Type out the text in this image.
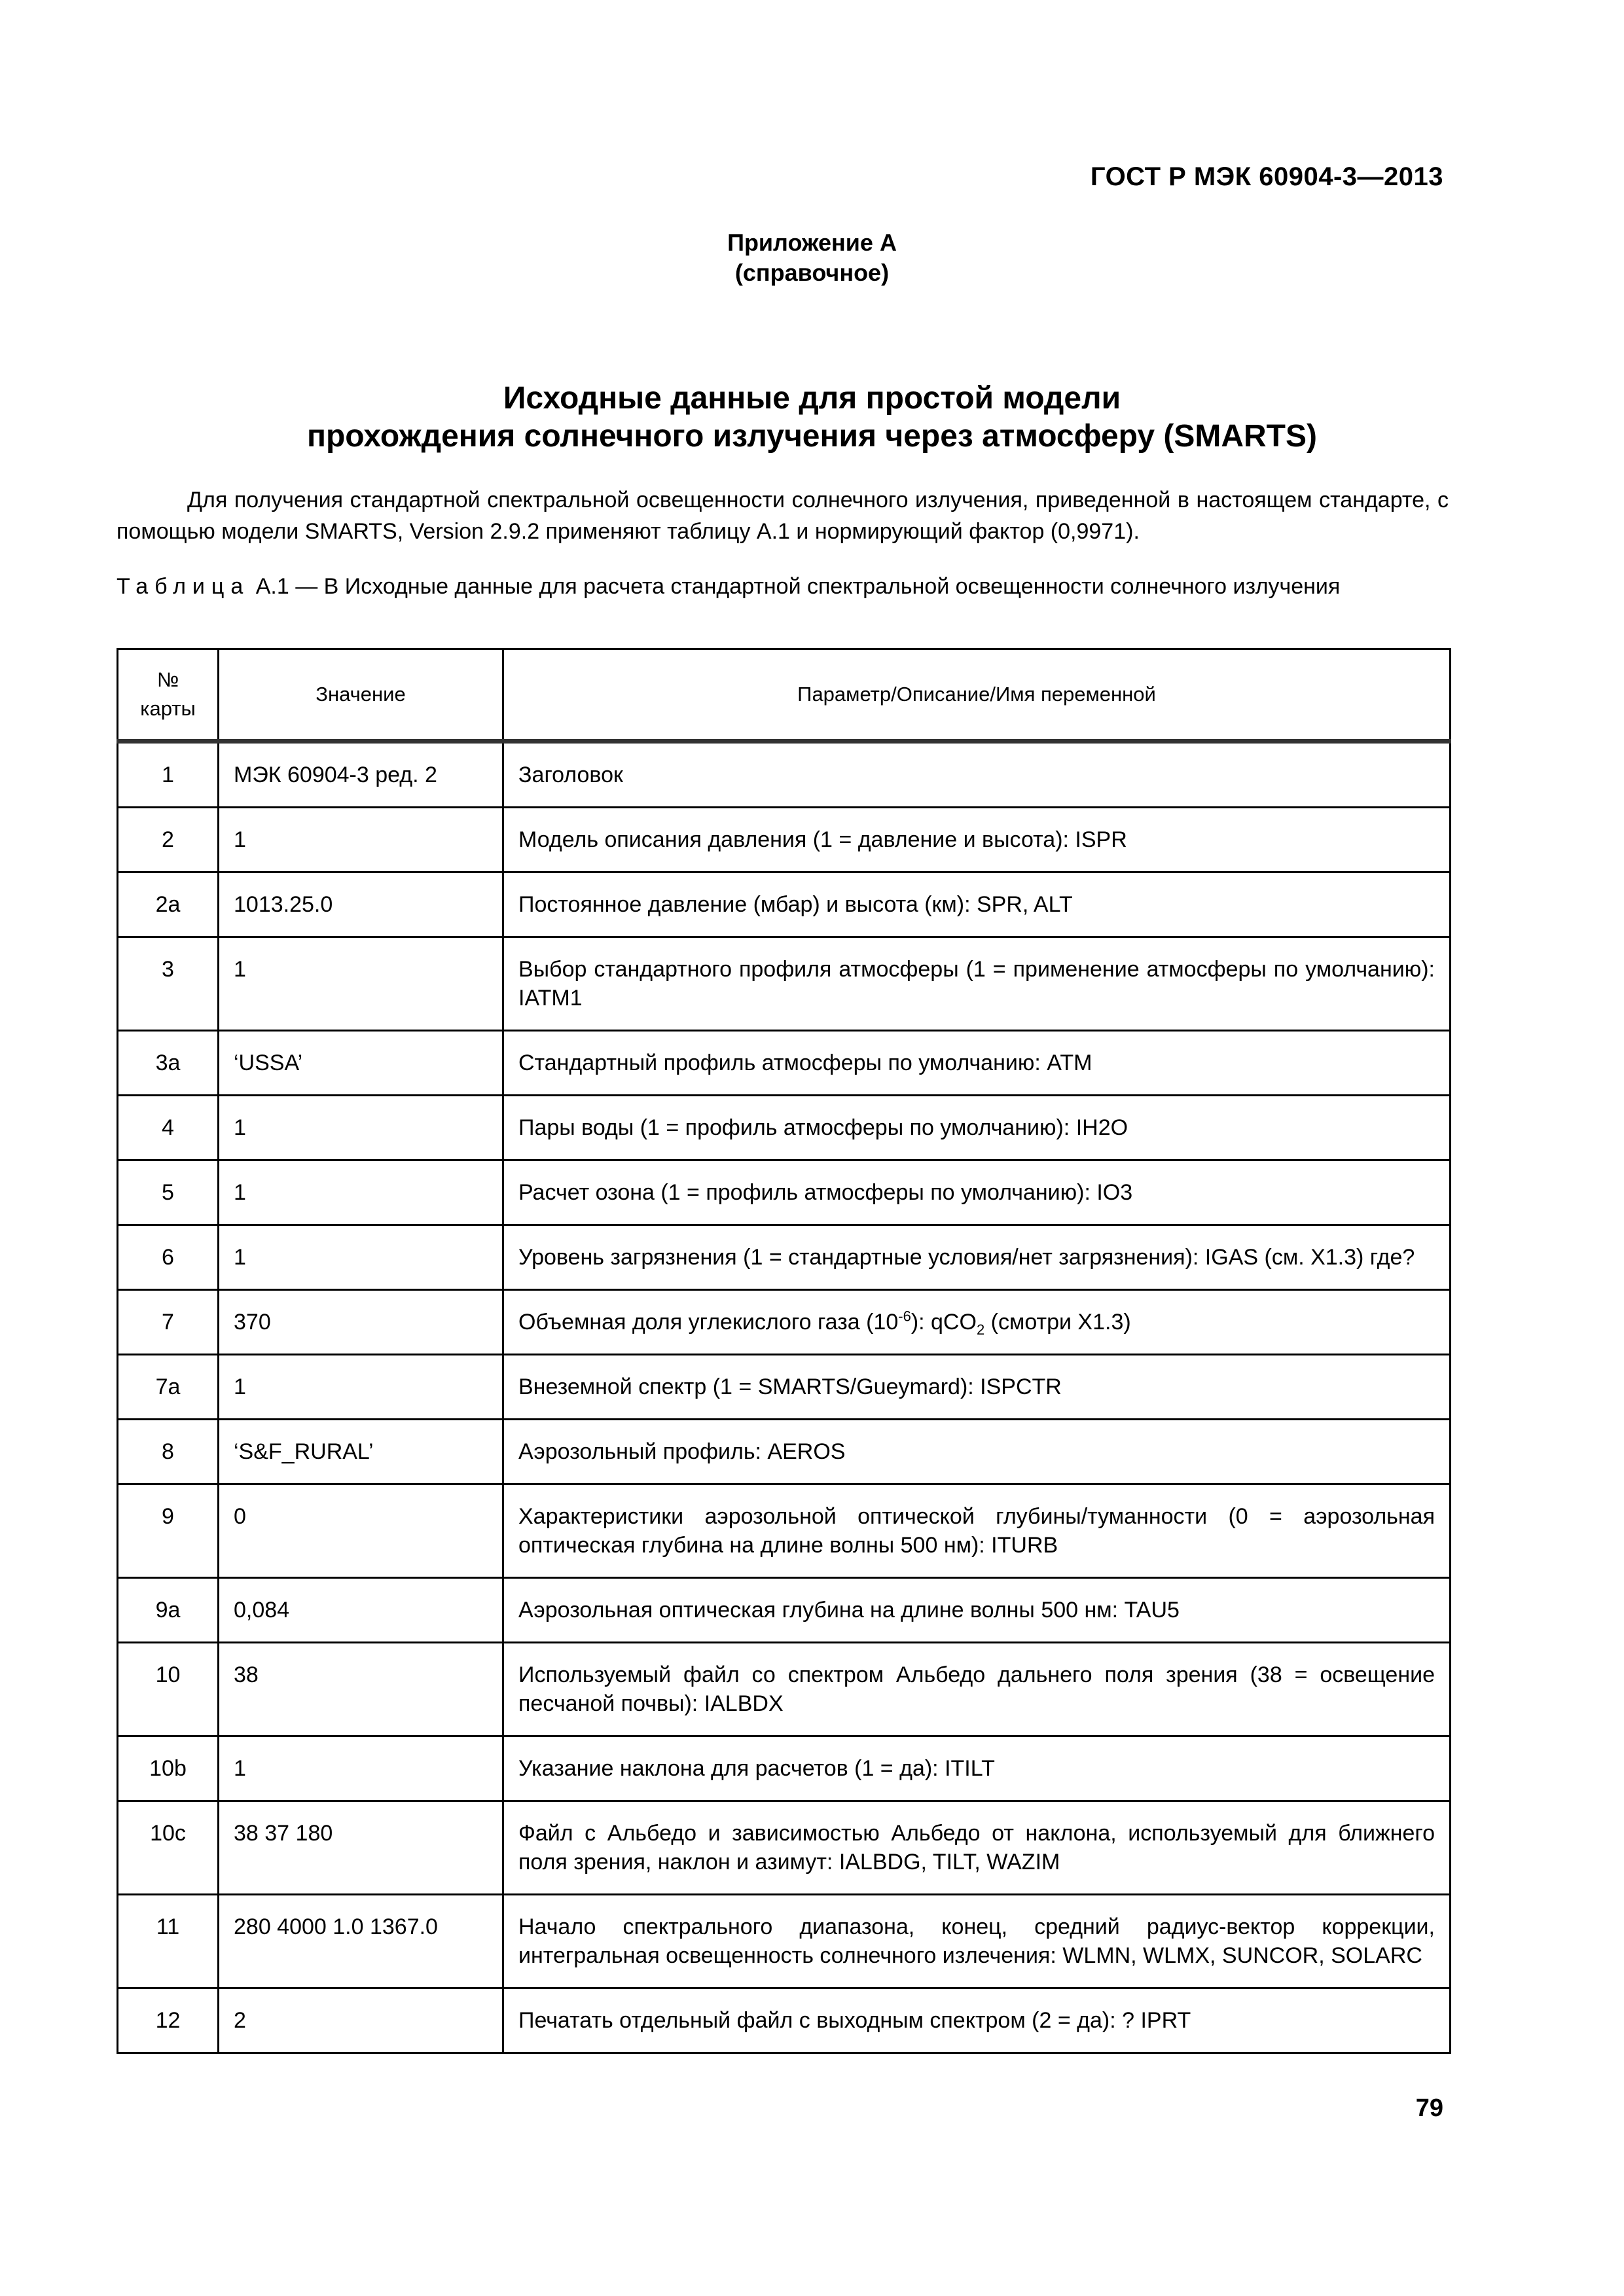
ГОСТ Р МЭК 60904-3—2013
Приложение А
(справочное)
Исходные данные для простой модели
прохождения солнечного излучения через атмосферу (SMARTS)
Для получения стандартной спектральной освещенности солнечного излучения, приведенной в настоящем стандарте, с помощью модели SMARTS, Version 2.9.2 применяют таблицу А.1 и нормирующий фактор (0,9971).
Таблица А.1 — В Исходные данные для расчета стандартной спектральной освещенности солнечного излучения
№
карты	Значение	Параметр/Описание/Имя переменной
1	МЭК 60904-3 ред. 2	Заголовок
2	1	Модель описания давления (1 = давление и высота): ISPR
2a	1013.25.0	Постоянное давление (мбар) и высота (км): SPR, ALT
3	1	Выбор стандартного профиля атмосферы (1 = применение атмосферы по умолчанию): IATM1
3a	‘USSA’	Стандартный профиль атмосферы по умолчанию: ATM
4	1	Пары воды (1 = профиль атмосферы по умолчанию): IH2O
5	1	Расчет озона (1 = профиль атмосферы по умолчанию): IO3
6	1	Уровень загрязнения (1 = стандартные условия/нет загрязнения): IGAS (см. X1.3) где?
7	370	Объемная доля углекислого газа $(10^{-6})$: qCO$_2$ (смотри X1.3)
7a	1	Внеземной спектр (1 = SMARTS/Gueymard): ISPCTR
8	‘S&F_RURAL’	Аэрозольный профиль: AEROS
9	0	Характеристики аэрозольной оптической глубины/туманности (0 = аэрозольная оптическая глубина на длине волны 500 нм): ITURB
9a	0,084	Аэрозольная оптическая глубина на длине волны 500 нм: TAU5
10	38	Используемый файл со спектром Альбедо дальнего поля зрения (38 = освещение песчаной почвы): IALBDX
10b	1	Указание наклона для расчетов (1 = да): ITILT
10c	38 37 180	Файл с Альбедо и зависимостью Альбедо от наклона, используемый для ближнего поля зрения, наклон и азимут: IALBDG, TILT, WAZIM
11	280 4000 1.0 1367.0	Начало спектрального диапазона, конец, средний радиус-вектор коррекции, интегральная освещенность солнечного излечения: WLMN, WLMX, SUNCOR, SOLARC
12	2	Печатать отдельный файл с выходным спектром (2 = да): ? IPRT
79
